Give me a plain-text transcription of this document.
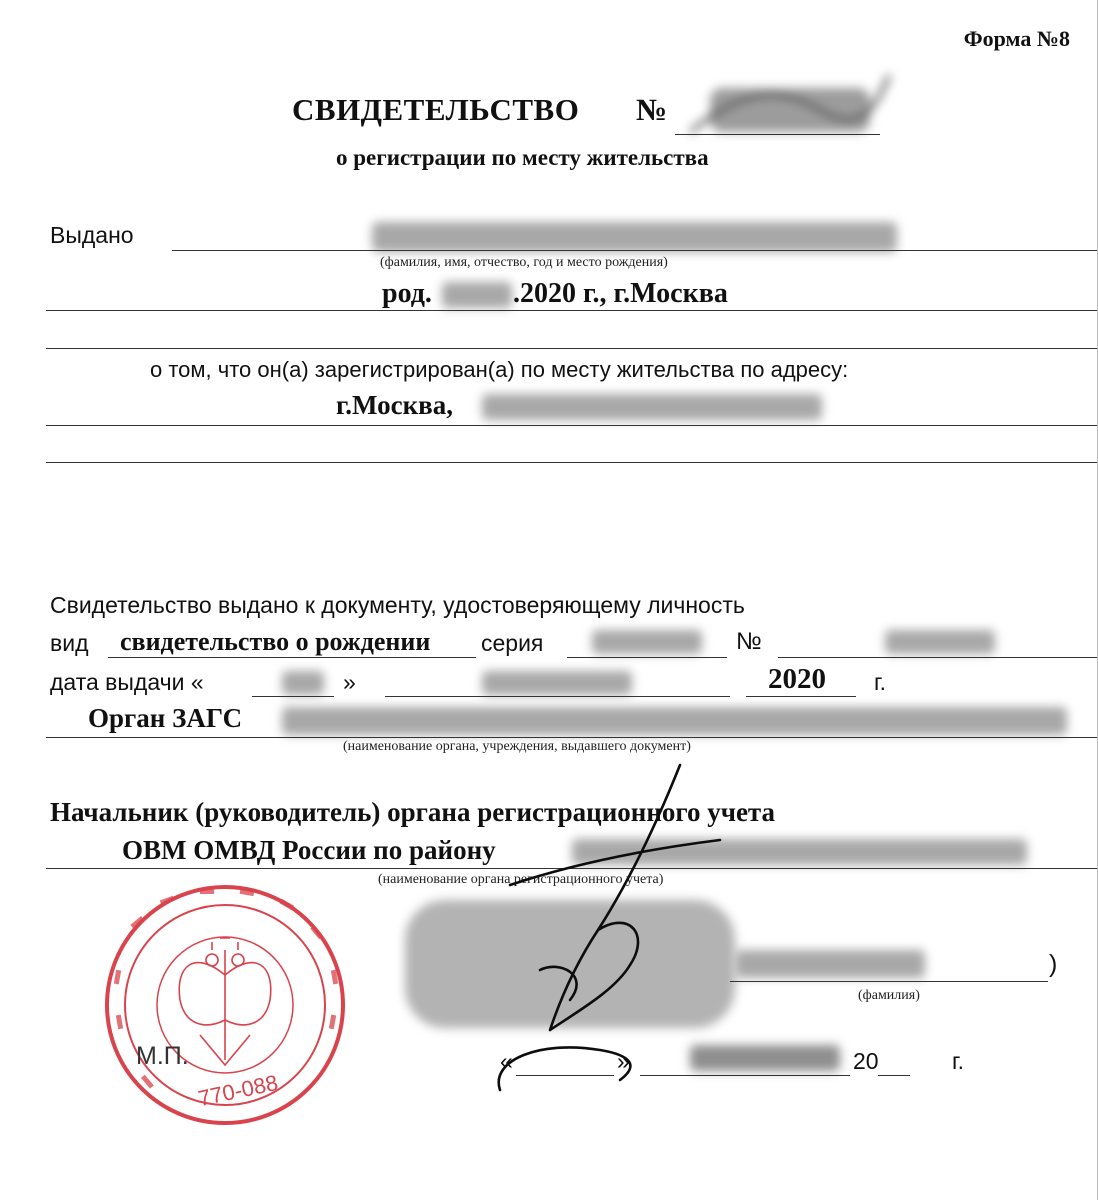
Форма №8
СВИДЕТЕЛЬСТВО №
о регистрации по месту жительства
Выдано
(фамилия, имя, отчество, год и место рождения)
род.	.2020 г., г.Москва
о том, что он(а) зарегистрирован(а) по месту жительства по адресу:
г.Москва,
Свидетельство выдано к документу, удостоверяющему личность
вид свидетельство о рождении серия	№
дата выдачи «	»	2020 г.
Орган ЗАГС
(наименование органа, учреждения, выдавшего документ)
Начальник (руководитель) органа регистрационного учета
ОВМ ОМВД России по району
(наименование органа регистрационного учета)
)
(фамилия)
770-088
М.П.	«	»	20	г.
